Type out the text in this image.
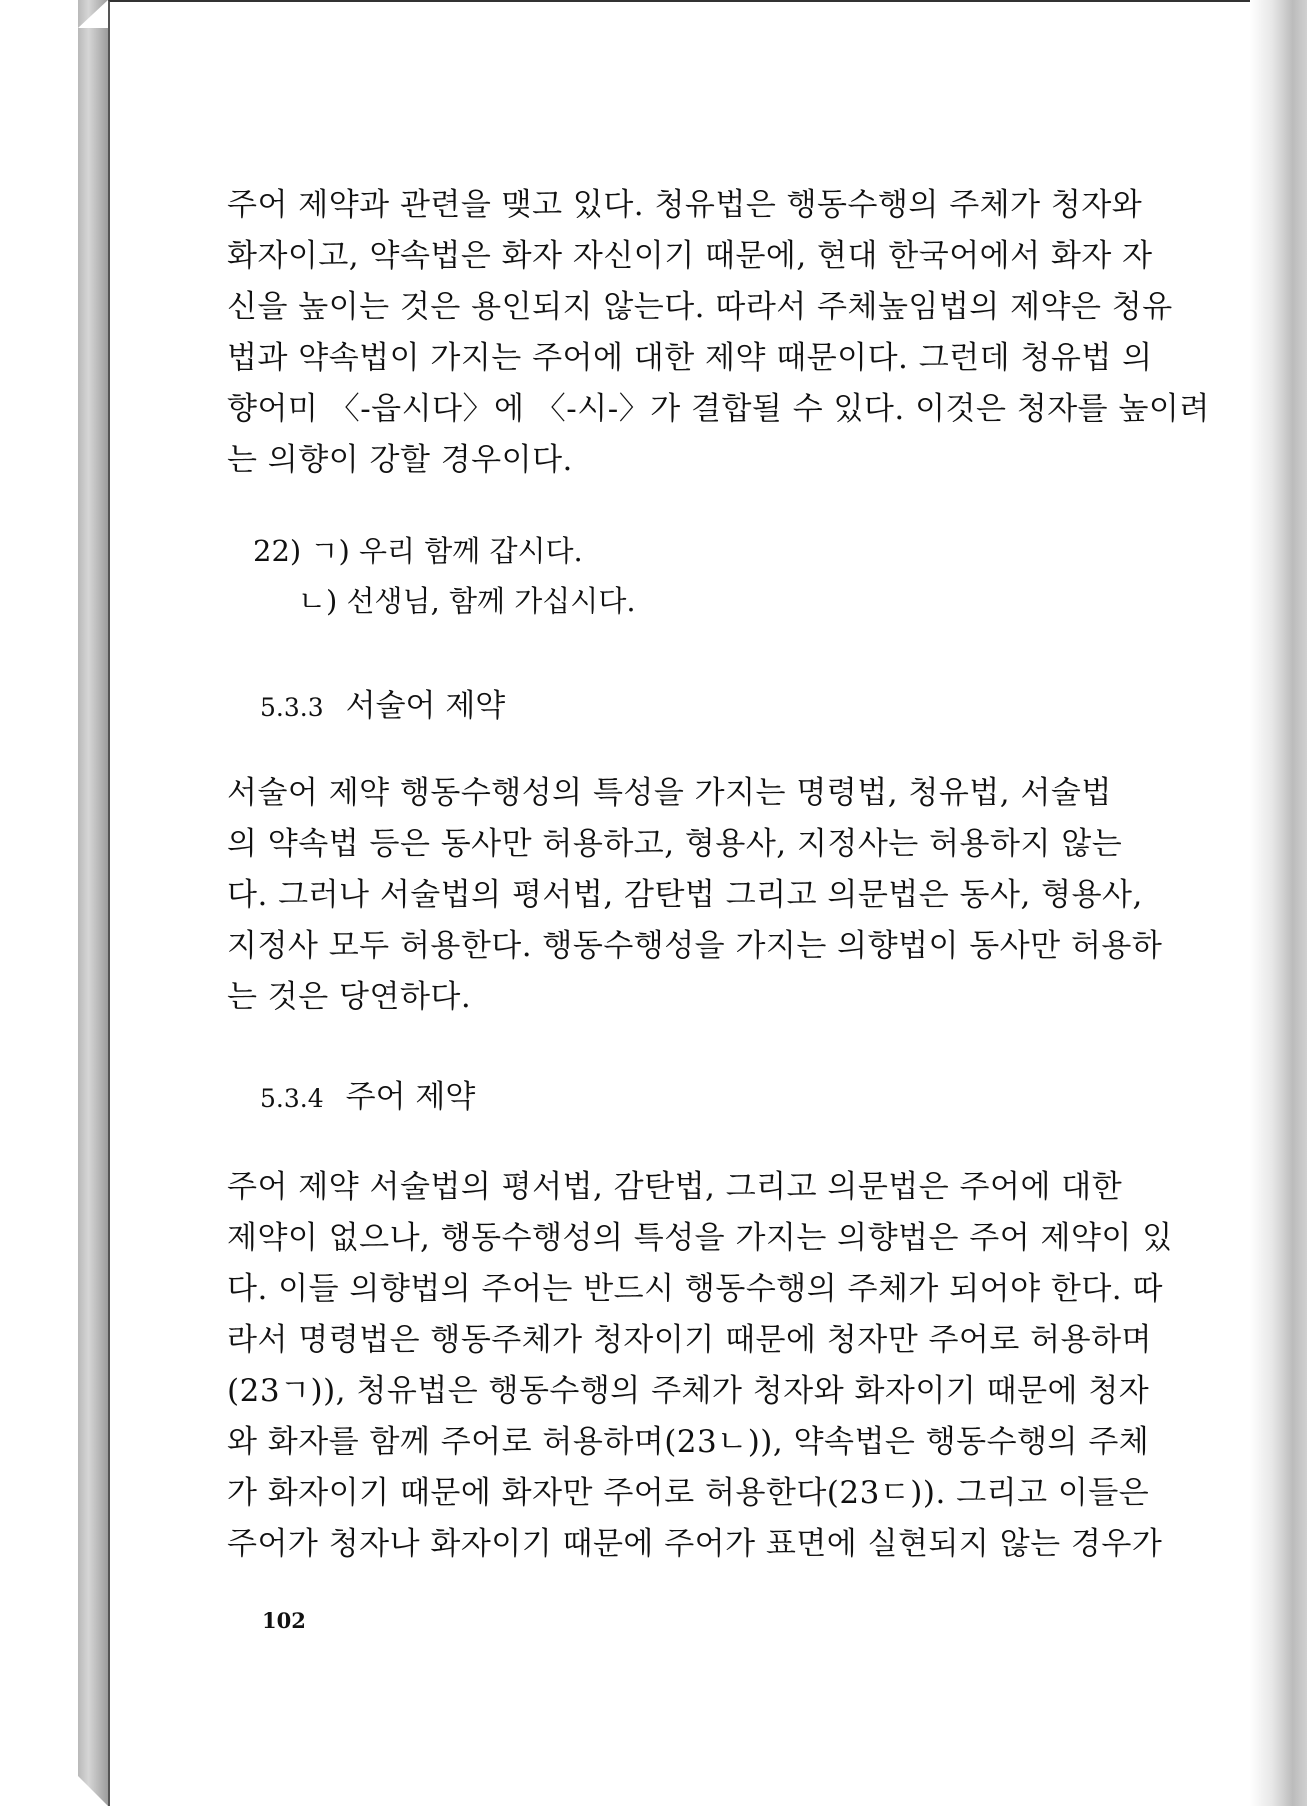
주어 제약과 관련을 맺고 있다. 청유법은 행동수행의 주체가 청자와
화자이고, 약속법은 화자 자신이기 때문에, 현대 한국어에서 화자 자
신을 높이는 것은 용인되지 않는다. 따라서 주체높임법의 제약은 청유
법과 약속법이 가지는 주어에 대한 제약 때문이다. 그런데 청유법 의
향어미 〈-읍시다〉에 〈-시-〉가 결합될 수 있다. 이것은 청자를 높이려
는 의향이 강할 경우이다.
22) ㄱ) 우리 함께 갑시다.
ㄴ) 선생님, 함께 가십시다.
5.3.3 서술어 제약
서술어 제약 행동수행성의 특성을 가지는 명령법, 청유법, 서술법
의 약속법 등은 동사만 허용하고, 형용사, 지정사는 허용하지 않는
다. 그러나 서술법의 평서법, 감탄법 그리고 의문법은 동사, 형용사,
지정사 모두 허용한다. 행동수행성을 가지는 의향법이 동사만 허용하
는 것은 당연하다.
5.3.4 주어 제약
주어 제약 서술법의 평서법, 감탄법, 그리고 의문법은 주어에 대한
제약이 없으나, 행동수행성의 특성을 가지는 의향법은 주어 제약이 있
다. 이들 의향법의 주어는 반드시 행동수행의 주체가 되어야 한다. 따
라서 명령법은 행동주체가 청자이기 때문에 청자만 주어로 허용하며
(23ㄱ)), 청유법은 행동수행의 주체가 청자와 화자이기 때문에 청자
와 화자를 함께 주어로 허용하며(23ㄴ)), 약속법은 행동수행의 주체
가 화자이기 때문에 화자만 주어로 허용한다(23ㄷ)). 그리고 이들은
주어가 청자나 화자이기 때문에 주어가 표면에 실현되지 않는 경우가
102
